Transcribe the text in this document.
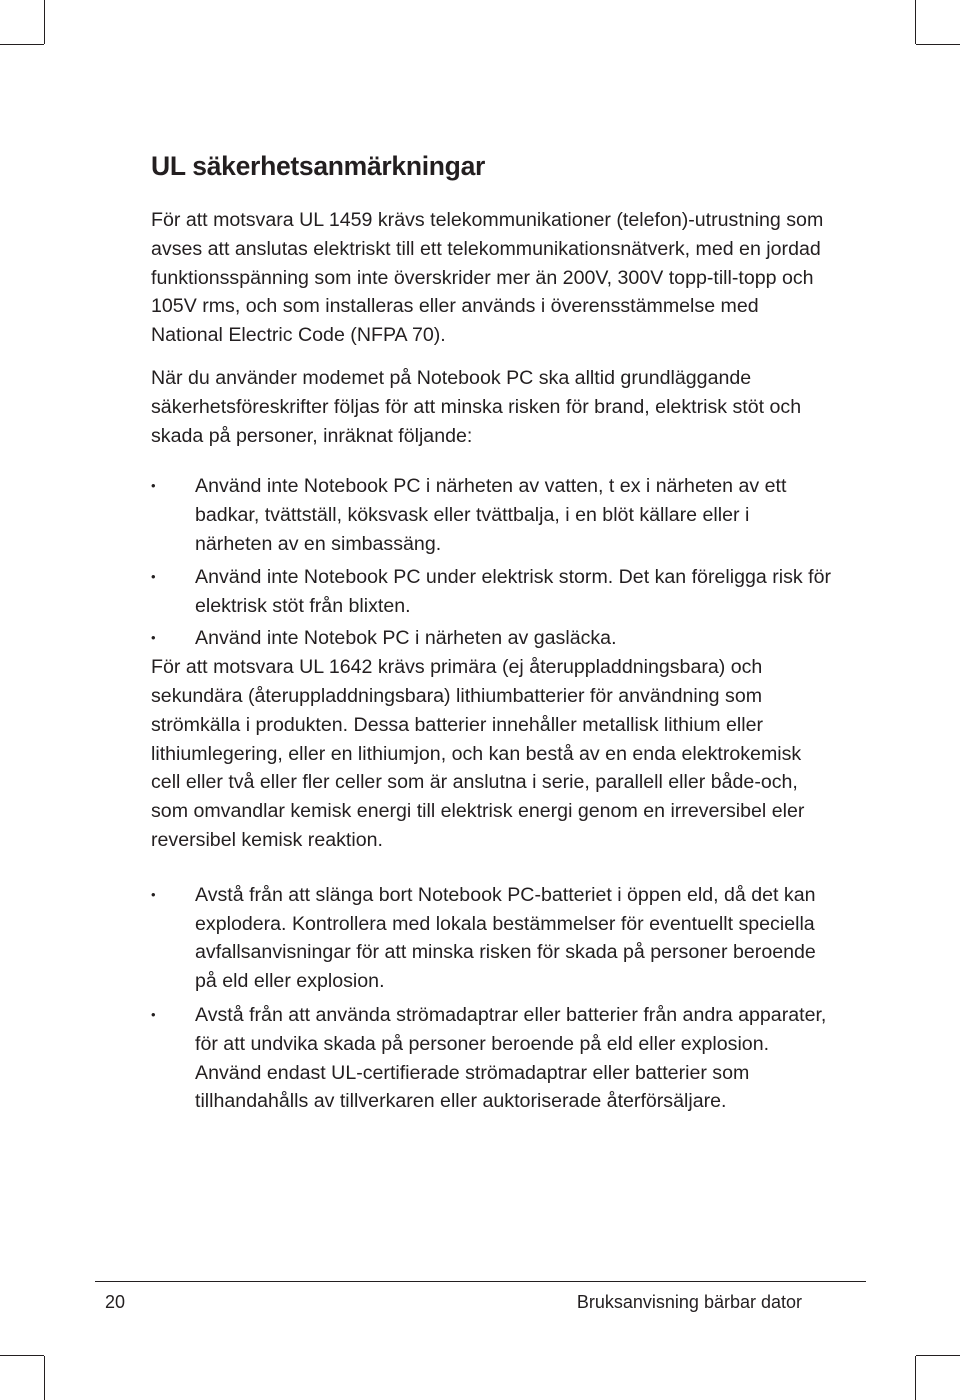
UL säkerhetsanmärkningar

För att motsvara UL 1459 krävs telekommunikationer (telefon)-utrustning som avses att anslutas elektriskt till ett telekommunikationsnätverk, med en jordad funktionsspänning som inte överskrider mer än 200V, 300V topp-till-topp och 105V rms, och som installeras eller används i överensstämmelse med National Electric Code (NFPA 70).

När du använder modemet på Notebook PC ska alltid grundläggande säkerhetsföreskrifter följas för att minska risken för brand, elektrisk stöt och skada på personer, inräknat följande:

• Använd inte Notebook PC i närheten av vatten, t ex i närheten av ett badkar, tvättställ, köksvask eller tvättbalja, i en blöt källare eller i närheten av en simbassäng.
• Använd inte Notebook PC under elektrisk storm. Det kan föreligga risk för elektrisk stöt från blixten.
• Använd inte Notebok PC i närheten av gasläcka.

För att motsvara UL 1642 krävs primära (ej återuppladdningsbara) och sekundära (återuppladdningsbara) lithiumbatterier för användning som strömkälla i produkten. Dessa batterier innehåller metallisk lithium eller lithiumlegering, eller en lithiumjon, och kan bestå av en enda elektrokemisk cell eller två eller ﬂer celler som är anslutna i serie, parallell eller både-och, som omvandlar kemisk energi till elektrisk energi genom en irreversibel eler reversibel kemisk reaktion.

• Avstå från att slänga bort Notebook PC-batteriet i öppen eld, då det kan explodera. Kontrollera med lokala bestämmelser för eventuellt speciella avfallsanvisningar för att minska risken för skada på personer beroende på eld eller explosion.
• Avstå från att använda strömadaptrar eller batterier från andra apparater, för att undvika skada på personer beroende på eld eller explosion. Använd endast UL-certiﬁerade strömadaptrar eller batterier som tillhandahålls av tillverkaren eller auktoriserade återförsäljare.
20	Bruksanvisning bärbar dator
